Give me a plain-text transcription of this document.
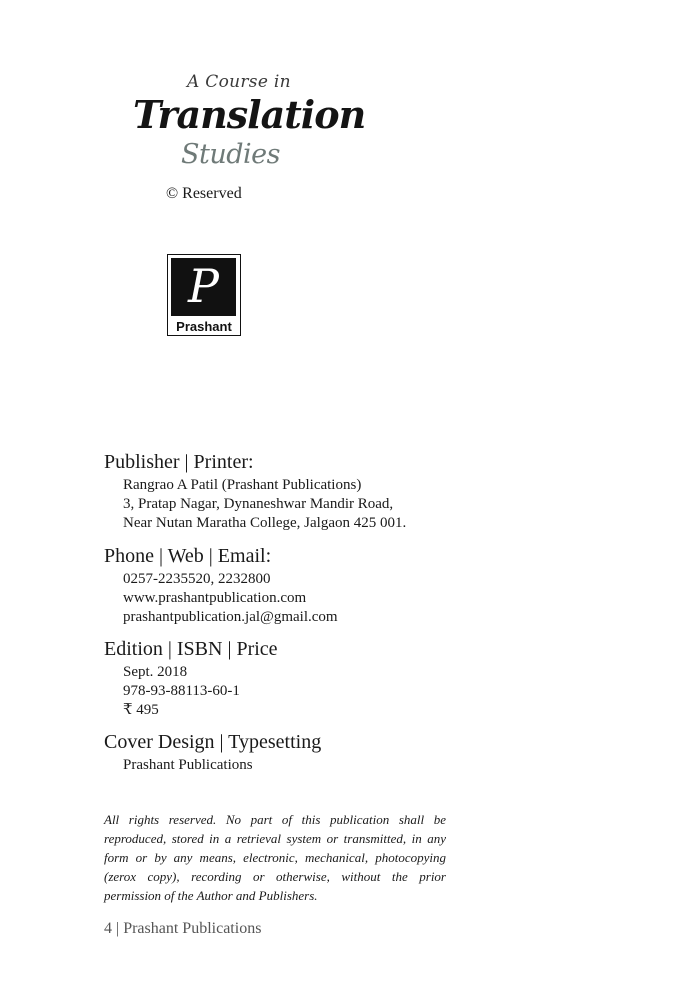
A Course in
Translation
Studies
© Reserved
P
Prashant
Publisher | Printer:
Rangrao A Patil (Prashant Publications)
3, Pratap Nagar, Dynaneshwar Mandir Road,
Near Nutan Maratha College, Jalgaon 425 001.
Phone | Web | Email:
0257-2235520, 2232800
www.prashantpublication.com
prashantpublication.jal@gmail.com
Edition | ISBN | Price
Sept. 2018
978-93-88113-60-1
₹ 495
Cover Design | Typesetting
Prashant Publications
All rights reserved. No part of this publication shall be reproduced, stored in a retrieval system or transmitted, in any form or by any means, electronic, mechanical, photocopying (zerox copy), recording or otherwise, without the prior permission of the Author and Publishers.
4 | Prashant Publications
